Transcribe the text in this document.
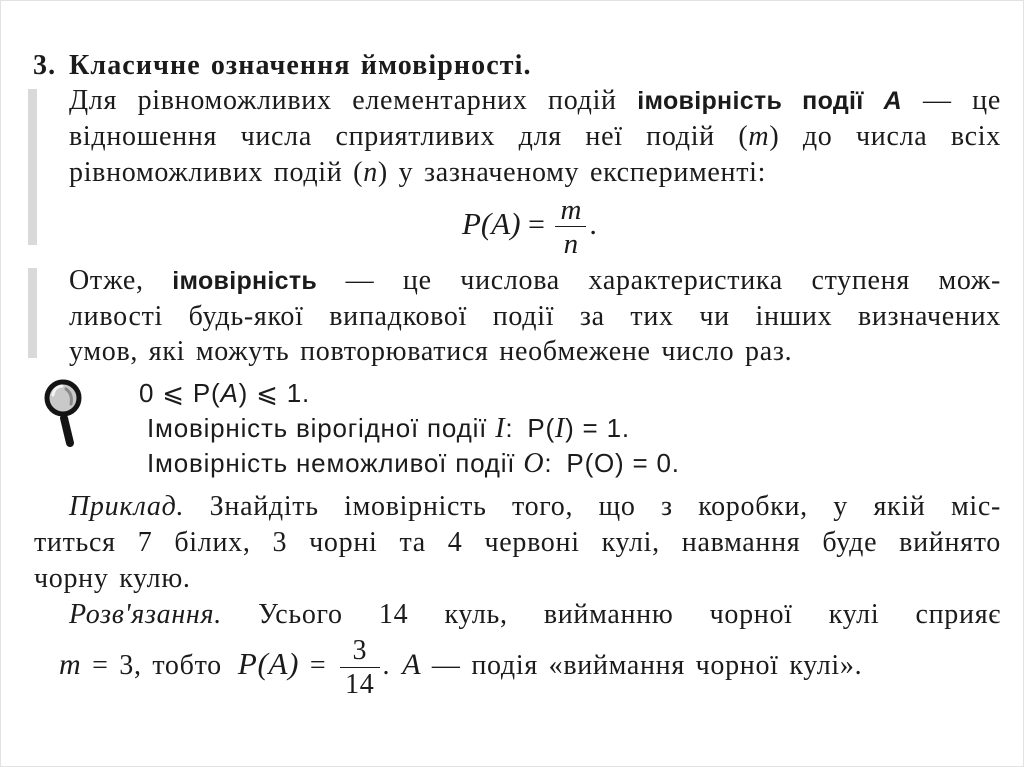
3. Класичне означення ймовірності.
Для рівноможливих елементарних подій імовірність події A — це
відношення числа сприятливих для неї подій (m) до числа всіх
рівноможливих подій (n) у зазначеному експерименті:
$P(A) = \frac{m}{n}$ .
Отже, імовірність — це числова характеристика ступеня мож-
ливості будь-якої випадкової події за тих чи інших визначених
умов, які можуть повторюватися необмежене число раз.
0 ⩽ P(A) ⩽ 1.
Імовірність вірогідної події I: P(I) = 1.
Імовірність неможливої події O: P(O) = 0.
Приклад. Знайдіть імовірність того, що з коробки, у якій міс-
титься 7 білих, 3 чорні та 4 червоні кулі, навмання буде вийнято
чорну кулю.
Розв'язання. Усього 14 куль, вийманню чорної кулі сприяє
m = 3, тобто $P(A) = \frac{3}{14}$ . A — подія «виймання чорної кулі».
